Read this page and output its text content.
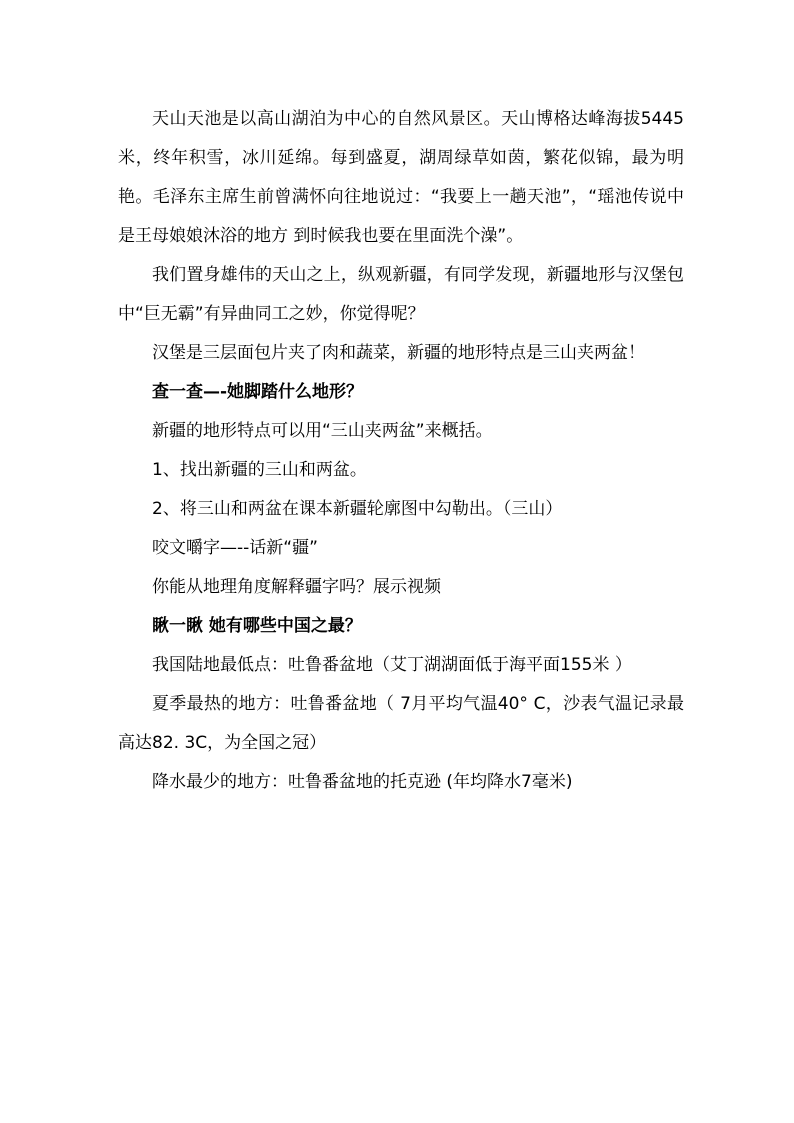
天山天池是以高山湖泊为中心的自然风景区。天山博格达峰海拔5445米，终年积雪，冰川延绵。每到盛夏，湖周绿草如茵，繁花似锦，最为明艳。毛泽东主席生前曾满怀向往地说过：“我要上一趟天池”，“瑶池传说中是王母娘娘沐浴的地方 到时候我也要在里面洗个澡”。

我们置身雄伟的天山之上，纵观新疆，有同学发现，新疆地形与汉堡包中“巨无霸”有异曲同工之妙，你觉得呢？

汉堡是三层面包片夹了肉和蔬菜，新疆的地形特点是三山夹两盆！

查一查—-她脚踏什么地形？

新疆的地形特点可以用“三山夹两盆”来概括。

1、找出新疆的三山和两盆。

2、将三山和两盆在课本新疆轮廓图中勾勒出。（三山）

咬文嚼字—--话新“疆”

你能从地理角度解释疆字吗？展示视频

瞅一瞅 她有哪些中国之最？

我国陆地最低点：吐鲁番盆地（艾丁湖湖面低于海平面155米 ）

夏季最热的地方：吐鲁番盆地（ 7月平均气温40° C，沙表气温记录最高达82. 3C，为全国之冠）

降水最少的地方：吐鲁番盆地的托克逊 (年均降水7毫米)
